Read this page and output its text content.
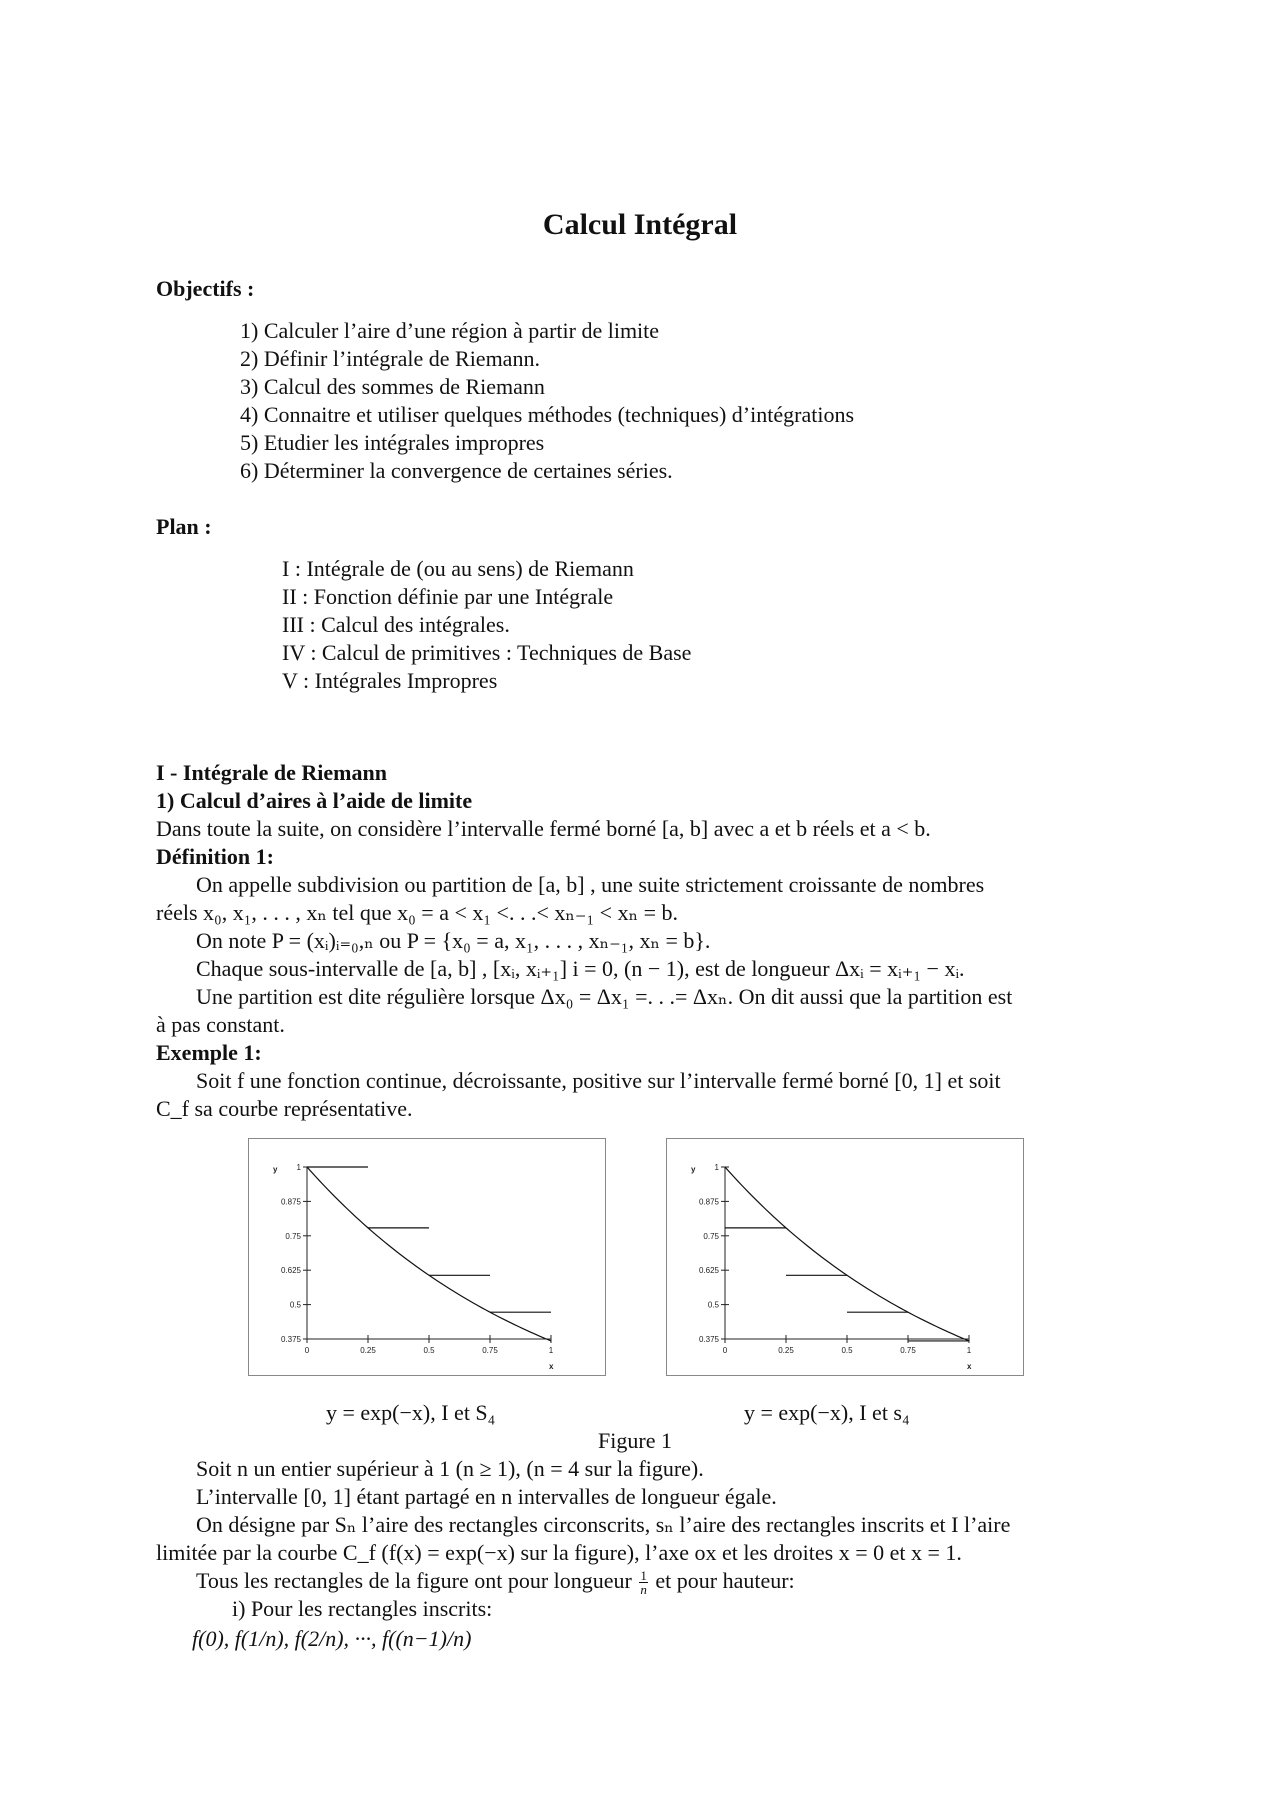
Calcul Intégral
Objectifs :
1) Calculer l’aire d’une région à partir de limite
2) Définir l’intégrale de Riemann.
3) Calcul des sommes de Riemann
4) Connaitre et utiliser quelques méthodes (techniques) d’intégrations
5) Etudier les intégrales impropres
6) Déterminer la convergence de certaines séries.
Plan :
I : Intégrale de (ou au sens) de Riemann
II : Fonction définie par une Intégrale
III : Calcul des intégrales.
IV : Calcul de primitives : Techniques de Base
V : Intégrales Impropres
I - Intégrale de Riemann
1) Calcul d’aires à l’aide de limite
Dans toute la suite, on considère l’intervalle fermé borné [a, b] avec a et b réels et a < b.
Définition 1:
On appelle subdivision ou partition de [a, b] , une suite strictement croissante de nombres
réels x₀, x₁, . . . , xₙ tel que x₀ = a < x₁ <. . .< xₙ₋₁ < xₙ = b.
On note P = (xᵢ)ᵢ₌₀,ₙ ou P = {x₀ = a, x₁, . . . , xₙ₋₁, xₙ = b}.
Chaque sous-intervalle de [a, b] , [xᵢ, xᵢ₊₁] i = 0, (n − 1), est de longueur Δxᵢ = xᵢ₊₁ − xᵢ.
Une partition est dite régulière lorsque Δx₀ = Δx₁ =. . .= Δxₙ. On dit aussi que la partition est
à pas constant.
Exemple 1:
Soit f une fonction continue, décroissante, positive sur l’intervalle fermé borné [0, 1] et soit
C_f sa courbe représentative.
0.375
0.5
0.625
0.75
0.875
1
0	0.25	0.5	0.75	1
y
x
0.375
0.5
0.625
0.75
0.875
1
0	0.25	0.5	0.75	1
y
x
y = exp(−x), I et S₄	y = exp(−x), I et s₄
Figure 1
Soit n un entier supérieur à 1 (n ≥ 1), (n = 4 sur la figure).
L’intervalle [0, 1] étant partagé en n intervalles de longueur égale.
On désigne par Sₙ l’aire des rectangles circonscrits, sₙ l’aire des rectangles inscrits et I l’aire
limitée par la courbe C_f (f(x) = exp(−x) sur la figure), l’axe ox et les droites x = 0 et x = 1.
Tous les rectangles de la figure ont pour longueur $\frac{1}{n}$ et pour hauteur:
i) Pour les rectangles inscrits:
f(0), f(1/n), f(2/n), ···, f((n−1)/n)
